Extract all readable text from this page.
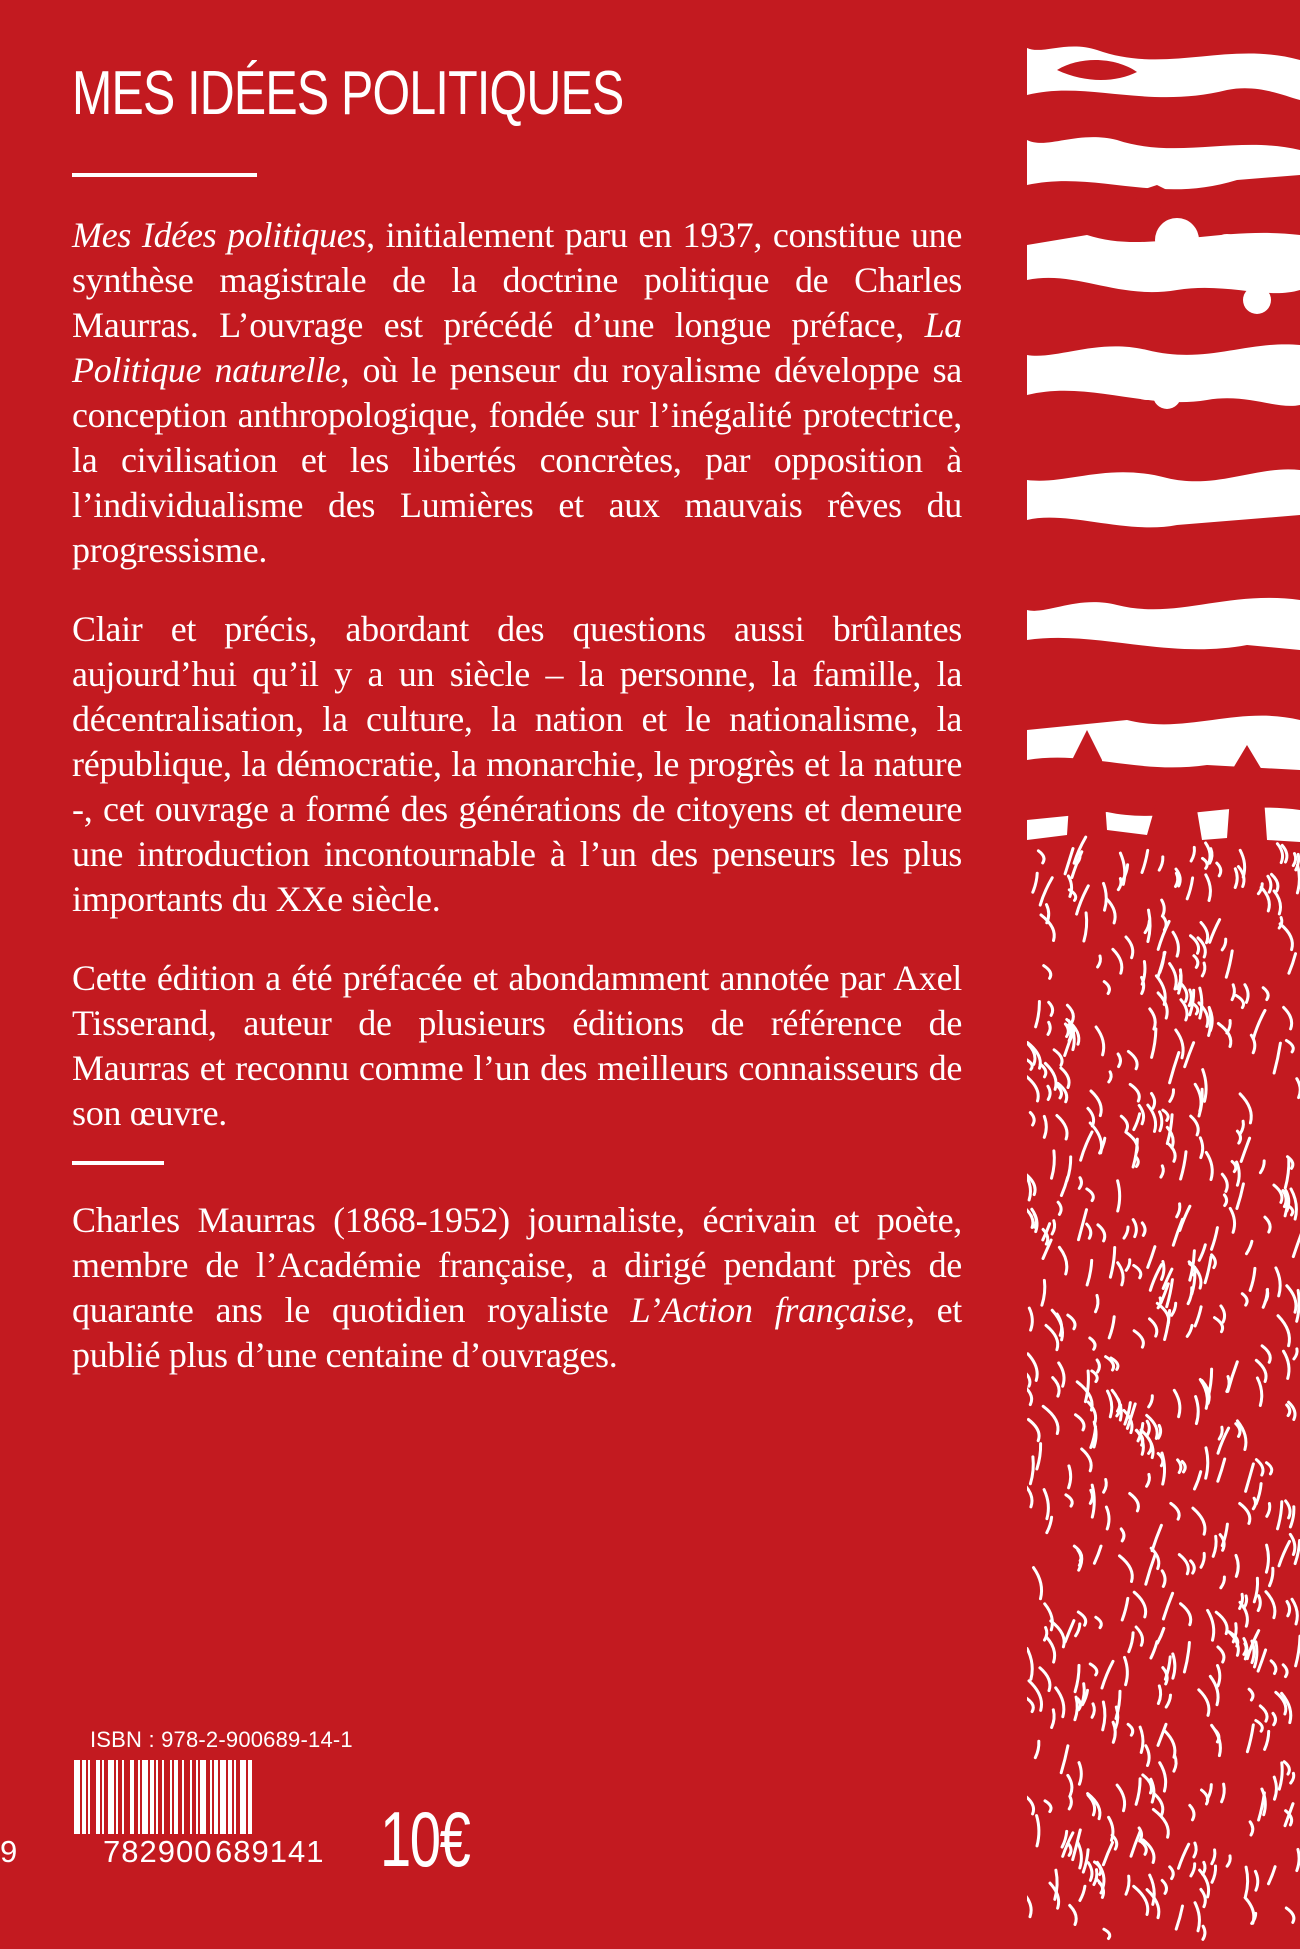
MES IDÉES POLITIQUES

Mes Idées politiques, initialement paru en 1937, constitue une synthèse magistrale de la doctrine politique de Charles Maurras. L’ouvrage est précédé d’une longue préface, La Politique naturelle, où le penseur du royalisme développe sa conception anthropologique, fondée sur l’inégalité protectrice, la civilisation et les libertés concrètes, par opposition à l’individualisme des Lumières et aux mauvais rêves du progressisme.

Clair et précis, abordant des questions aussi brûlantes aujourd’hui qu’il y a un siècle – la personne, la famille, la décentralisation, la culture, la nation et le nationalisme, la république, la démocratie, la monarchie, le progrès et la nature -, cet ouvrage a formé des générations de citoyens et demeure une introduction incontournable à l’un des penseurs les plus importants du XXe siècle.

Cette édition a été préfacée et abondamment annotée par Axel Tisserand, auteur de plusieurs éditions de référence de Maurras et reconnu comme l’un des meilleurs connaisseurs de son œuvre.

Charles Maurras (1868-1952) journaliste, écrivain et poète, membre de l’Académie française, a dirigé pendant près de quarante ans le quotidien royaliste L’Action française, et publié plus d’une centaine d’ouvrages.

ISBN : 978-2-900689-14-1
9	782900 689141 10€
